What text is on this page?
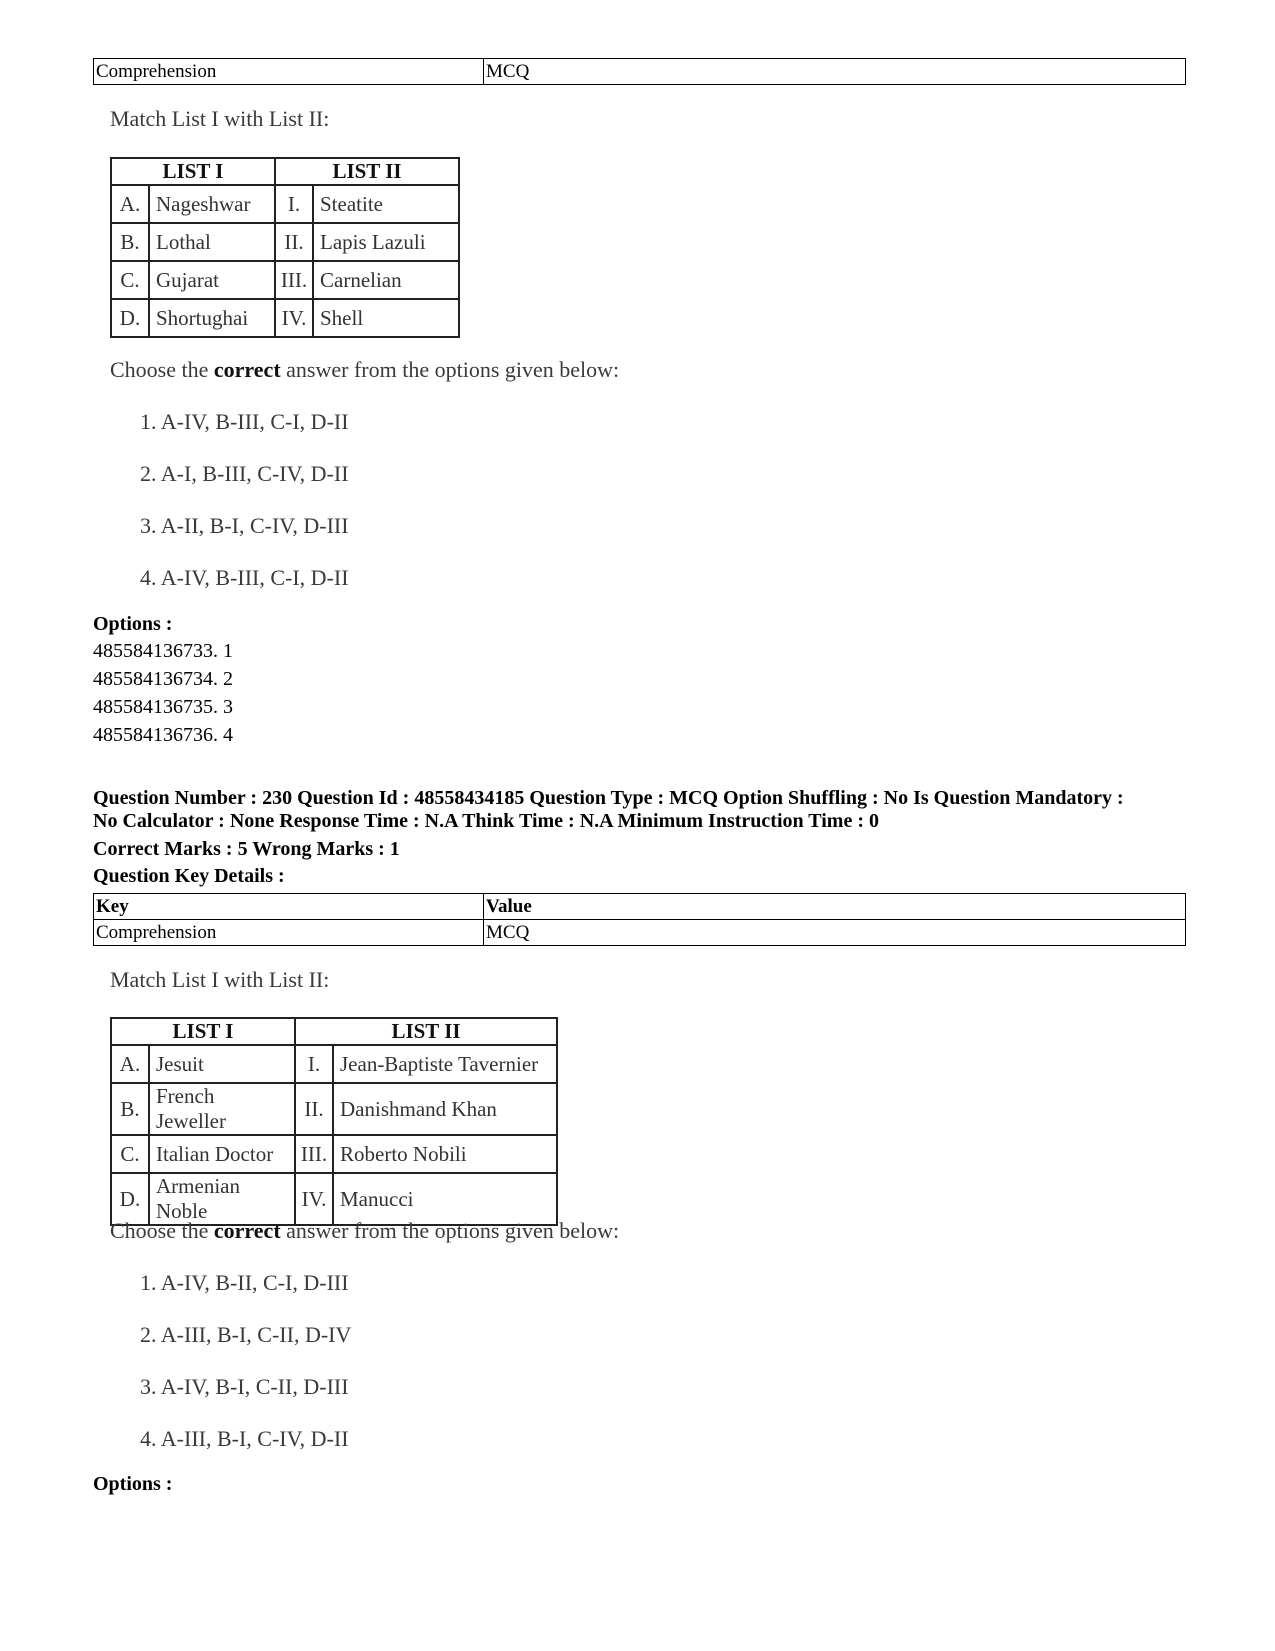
Comprehension	MCQ
Match List I with List II:
LIST I		LIST II	
A.	Nageshwar	I.	Steatite
B.	Lothal	II.	Lapis Lazuli
C.	Gujarat	III.	Carnelian
D.	Shortughai	IV.	Shell
Choose the correct answer from the options given below:
1. A-IV, B-III, C-I, D-II
2. A-I, B-III, C-IV, D-II
3. A-II, B-I, C-IV, D-III
4. A-IV, B-III, C-I, D-II
Options :
485584136733. 1
485584136734. 2
485584136735. 3
485584136736. 4
Question Number : 230 Question Id : 48558434185 Question Type : MCQ Option Shuffling : No Is Question Mandatory :
No Calculator : None Response Time : N.A Think Time : N.A Minimum Instruction Time : 0
Correct Marks : 5 Wrong Marks : 1
Question Key Details :
Key	Value
Comprehension	MCQ
Match List I with List II:
LIST I		LIST II	
A.	Jesuit	I.	Jean-Baptiste Tavernier
B.	French Jeweller	II.	Danishmand Khan
C.	Italian Doctor	III.	Roberto Nobili
D.	Armenian Noble	IV.	Manucci
Choose the correct answer from the options given below:
1. A-IV, B-II, C-I, D-III
2. A-III, B-I, C-II, D-IV
3. A-IV, B-I, C-II, D-III
4. A-III, B-I, C-IV, D-II
Options :
